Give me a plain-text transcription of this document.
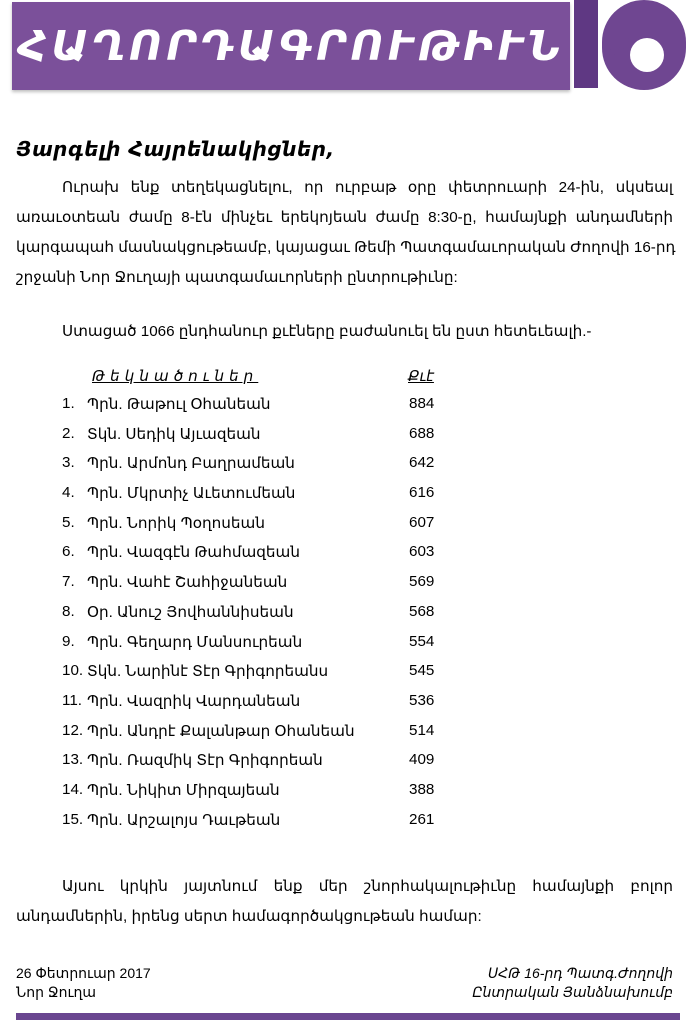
ՀԱՂՈՐԴԱԳՐՈՒԹԻՒՆ
Յարգելի Հայրենակիցներ,
Ուրախ ենք տեղեկացնելու, որ ուրբաթ օրը փետրուարի 24-ին, սկսեալ
առաւօտեան ժամը 8-էն մինչեւ երեկոյեան ժամը 8:30-ը, համայնքի անդամների
կարգապահ մասնակցութեամբ, կայացաւ Թեմի Պատգամաւորական Ժողովի 16-րդ
շրջանի Նոր Ջուղայի պատգամաւորների ընտրութիւնը:
Ստացած 1066 ընդհանուր քւէները բաժանուել են ըստ հետեւեալի.-
Թեկնածուներ	Քւէ
1. Պրն. Թաթուլ Օհանեան	884
2. Տկն. Սեդիկ Այւազեան	688
3. Պրն. Արմոնդ Բաղրամեան	642
4. Պրն. Մկրտիչ Աւետումեան	616
5. Պրն. Նորիկ Պօղոսեան	607
6. Պրն. Վազգէն Թահմազեան	603
7. Պրն. Վահէ Շահիջանեան	569
8. Օր. Անուշ Յովհաննիսեան	568
9. Պրն. Գեղարդ Մանսուրեան	554
10. Տկն. Նարինէ Տէր Գրիգորեանս	545
11. Պրն. Վազրիկ Վարդանեան	536
12. Պրն. Անդրէ Քալանթար Օհանեան	514
13. Պրն. Ռազմիկ Տէր Գրիգորեան	409
14. Պրն. Նիկիտ Միրզայեան	388
15. Պրն. Արշալոյս Դաւթեան	261
Այսու կրկին յայտնում ենք մեր շնորհակալութիւնը համայնքի բոլոր
անդամներին, իրենց սերտ համագործակցութեան համար:
26 Փետրուար 2017
Նոր Ջուղա
ՍՀԹ 16-րդ Պատգ.Ժողովի
Ընտրական Յանձնախումբ
